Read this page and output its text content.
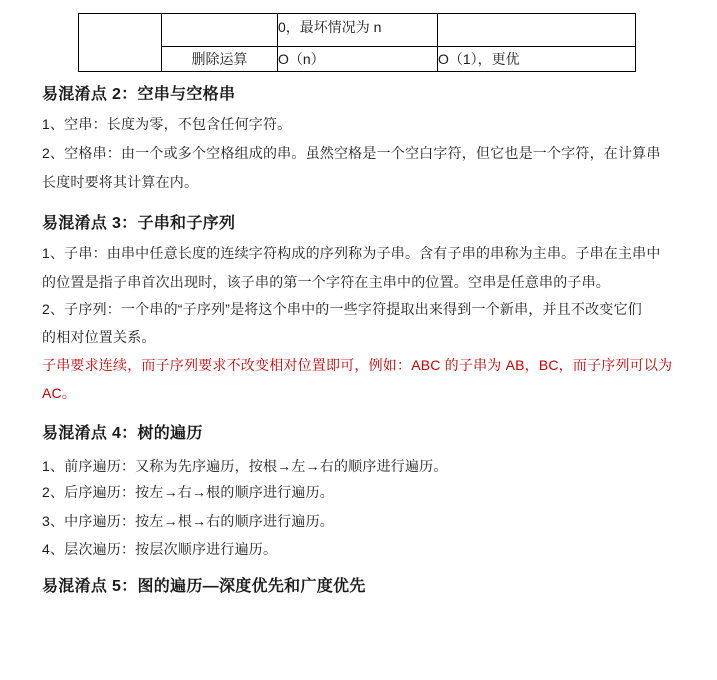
		0，最坏情况为 n	
	删除运算	O（n）	O（1），更优
易混淆点 2：空串与空格串
1、空串：长度为零，不包含任何字符。
2、空格串：由一个或多个空格组成的串。虽然空格是一个空白字符，但它也是一个字符，在计算串
长度时要将其计算在内。
易混淆点 3：子串和子序列
1、子串：由串中任意长度的连续字符构成的序列称为子串。含有子串的串称为主串。子串在主串中
的位置是指子串首次出现时，该子串的第一个字符在主串中的位置。空串是任意串的子串。
2、子序列：一个串的“子序列”是将这个串中的一些字符提取出来得到一个新串，并且不改变它们
的相对位置关系。
子串要求连续，而子序列要求不改变相对位置即可，例如：ABC 的子串为 AB，BC，而子序列可以为
AC。
易混淆点 4：树的遍历
1、前序遍历：又称为先序遍历，按根→左→右的顺序进行遍历。
2、后序遍历：按左→右→根的顺序进行遍历。
3、中序遍历：按左→根→右的顺序进行遍历。
4、层次遍历：按层次顺序进行遍历。
易混淆点 5：图的遍历—深度优先和广度优先
